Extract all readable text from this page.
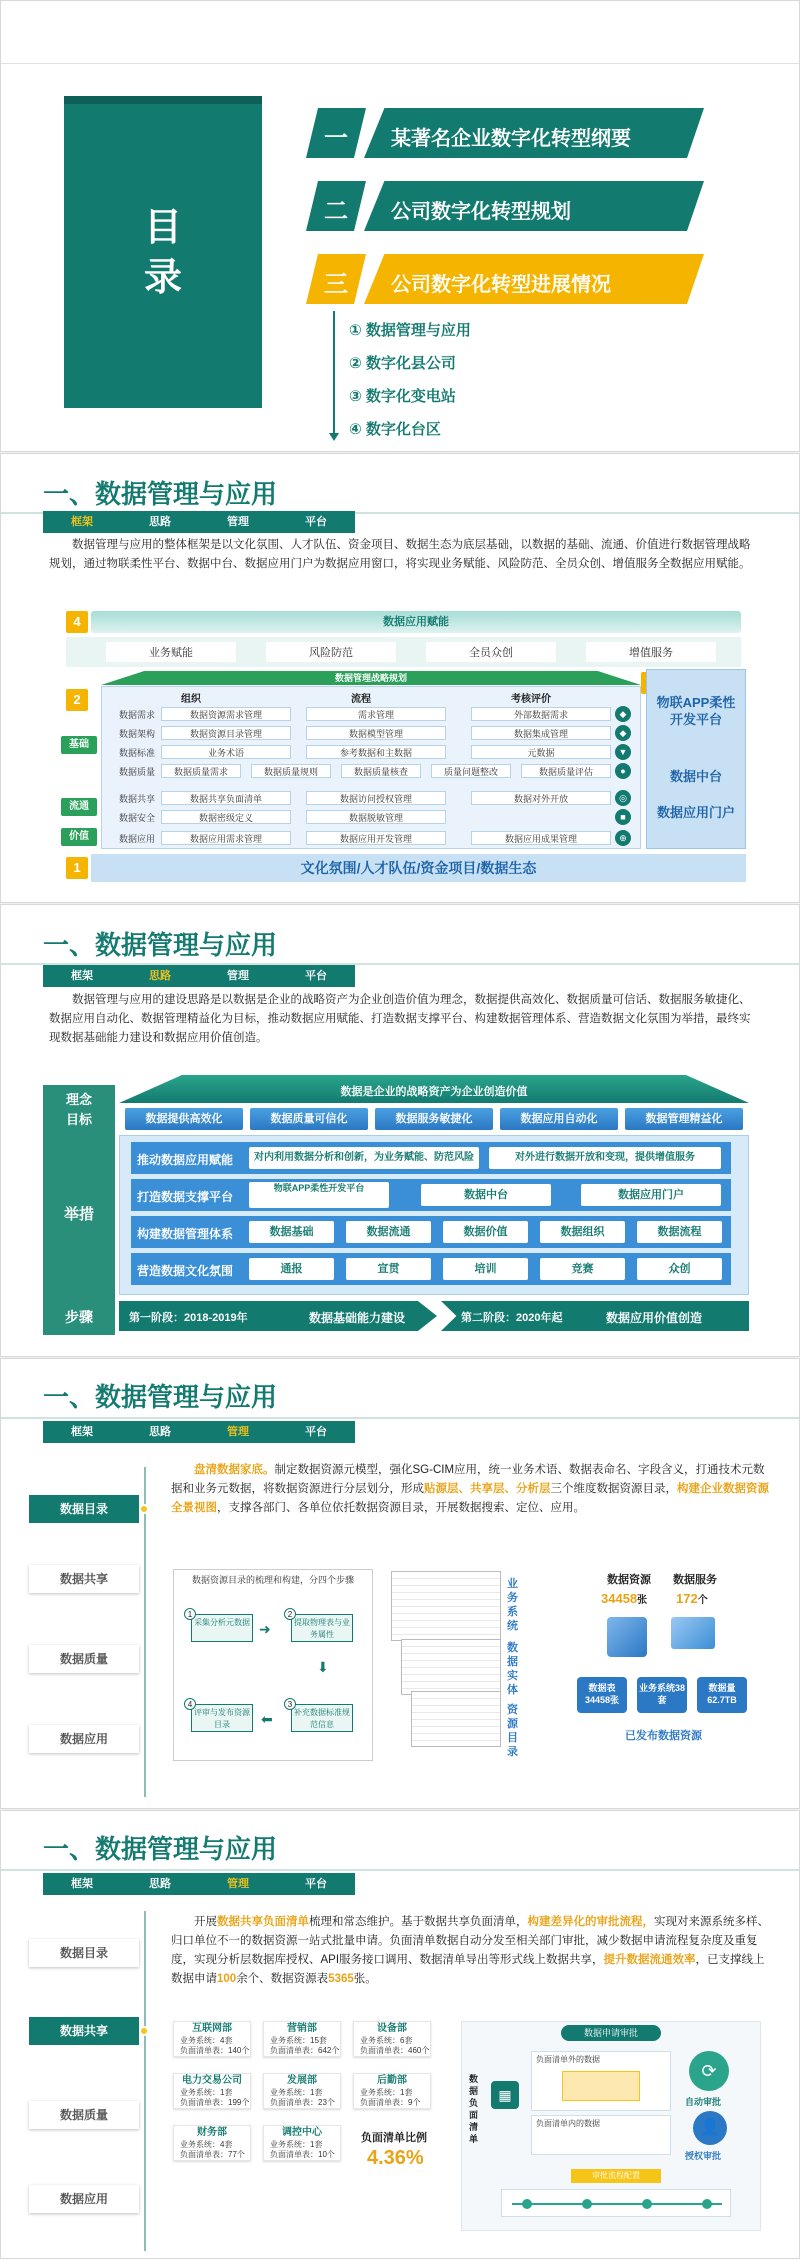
目
录
一 某著名企业数字化转型纲要
二 公司数字化转型规划
三 公司数字化转型进展情况
① 数据管理与应用
② 数字化县公司
③ 数字化变电站
④ 数字化台区
一、数据管理与应用
框架	思路	管理	平台
数据管理与应用的整体框架是以文化氛围、人才队伍、资金项目、数据生态为底层基础，以数据的基础、流通、价值进行数据管理战略规划，通过物联柔性平台、数据中台、数据应用门户为数据应用窗口，将实现业务赋能、风险防范、全员众创、增值服务全数据应用赋能。
4	数据应用赋能
业务赋能	风险防范	全员众创	增值服务
数据管理战略规划
2	组织	流程	考核评价
基础
流通
价值
数据需求	数据资源需求管理	需求管理	外部数据需求	◆
数据架构	数据资源目录管理	数据模型管理	数据集成管理	◆
数据标准	业务术语	参考数据和主数据	元数据	▼
数据质量	数据质量需求	数据质量规则	数据质量核查	质量问题整改	数据质量评估	●
数据共享	数据共享负面清单	数据访问授权管理	数据对外开放	◎
数据安全	数据密级定义	数据脱敏管理	■
数据应用	数据应用需求管理	数据应用开发管理	数据应用成果管理	⊕
物联APP柔性开发平台
数据中台
数据应用门户
1	文化氛围/人才队伍/资金项目/数据生态
一、数据管理与应用
框架	思路	管理	平台
数据管理与应用的建设思路是以数据是企业的战略资产为企业创造价值为理念，数据提供高效化、数据质量可信话、数据服务敏捷化、数据应用自动化、数据管理精益化为目标，推动数据应用赋能、打造数据支撑平台、构建数据管理体系、营造数据文化氛围为举措，最终实现数据基础能力建设和数据应用价值创造。
理念
目标
举措
步骤
数据是企业的战略资产为企业创造价值
数据提供高效化	数据质量可信化	数据服务敏捷化	数据应用自动化	数据管理精益化
推动数据应用赋能	对内利用数据分析和创新，为业务赋能、防范风险	对外进行数据开放和变现，提供增值服务
打造数据支撑平台
物联APP柔性开发平台
数据中台	数据应用门户
构建数据管理体系	数据基础	数据流通	数据价值	数据组织	数据流程
营造数据文化氛围	通报	宣贯	培训	竞赛	众创
第一阶段：2018-2019年	数据基础能力建设	第二阶段：2020年起	数据应用价值创造
一、数据管理与应用
框架	思路	管理	平台
数据目录
数据共享
数据质量
数据应用
盘清数据家底。制定数据资源元模型，强化SG-CIM应用，统一业务术语、数据表命名、字段含义，打通技术元数据和业务元数据，将数据资源进行分层划分，形成贴源层、共享层、分析层三个维度数据资源目录，构建企业数据资源全景视图，支撑各部门、各单位依托数据资源目录，开展数据搜索、定位、应用。
数据资源目录的梳理和构建，分四个步骤
采集分析元数据
1
提取物理表与业务属性
2
评审与发布资源目录
4
补充数据标准规范信息
3
➜
⬇
⬅
业务系统
数据实体
资源目录
数据资源 数据服务
34458张 172个
数据表34458张
业务系统38套
数据量62.7TB
已发布数据资源
一、数据管理与应用
框架	思路	管理	平台
数据目录
数据共享
数据质量
数据应用
开展数据共享负面清单梳理和常态维护。基于数据共享负面清单，构建差异化的审批流程，实现对来源系统多样、归口单位不一的数据资源一站式批量申请。负面清单数据自动分发至相关部门审批，减少数据申请流程复杂度及重复度，实现分析层数据库授权、API服务接口调用、数据清单导出等形式线上数据共享，提升数据流通效率，已支撑线上数据申请100余个、数据资源表5365张。
互联网部
业务系统：4套
负面清单表：140个
营销部
业务系统：15套
负面清单表：642个
设备部
业务系统：6套
负面清单表：460个
电力交易公司
业务系统：1套
负面清单表：199个
发展部
业务系统：1套
负面清单表：23个
后勤部
业务系统：1套
负面清单表：9个
财务部
业务系统：4套
负面清单表：77个
调控中心
业务系统：1套
负面清单表：10个
负面清单比例
4.36%
数据申请审批
数据负面清单
▦
负面清单外的数据
负面清单内的数据
⟳
自动审批
👤
授权审批
审批流程配置
